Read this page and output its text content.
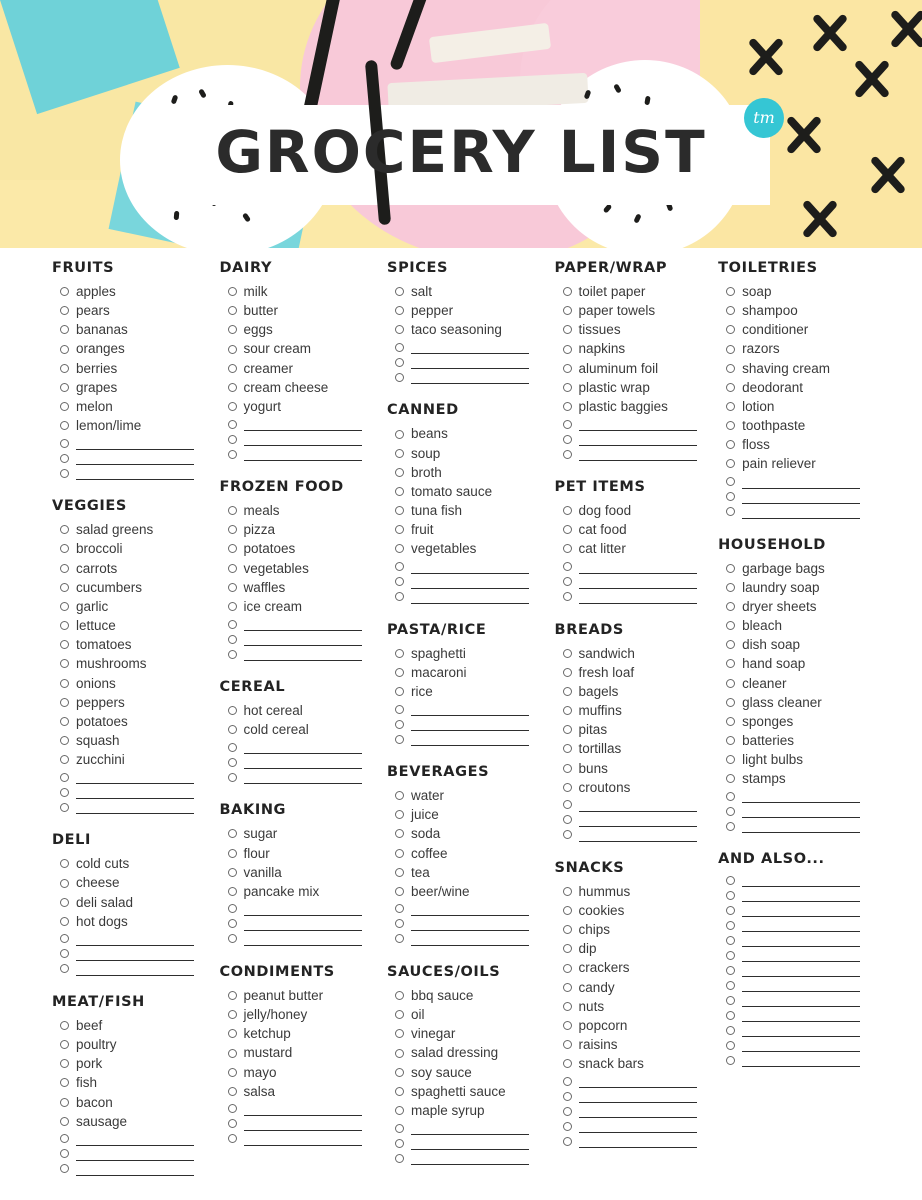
GROCERY LIST
tm
FRUITS
apples
pears
bananas
oranges
berries
grapes
melon
lemon/lime
VEGGIES
salad greens
broccoli
carrots
cucumbers
garlic
lettuce
tomatoes
mushrooms
onions
peppers
potatoes
squash
zucchini
DELI
cold cuts
cheese
deli salad
hot dogs
MEAT/FISH
beef
poultry
pork
fish
bacon
sausage
DAIRY
milk
butter
eggs
sour cream
creamer
cream cheese
yogurt
FROZEN FOOD
meals
pizza
potatoes
vegetables
waffles
ice cream
CEREAL
hot cereal
cold cereal
BAKING
sugar
flour
vanilla
pancake mix
CONDIMENTS
peanut butter
jelly/honey
ketchup
mustard
mayo
salsa
SPICES
salt
pepper
taco seasoning
CANNED
beans
soup
broth
tomato sauce
tuna fish
fruit
vegetables
PASTA/RICE
spaghetti
macaroni
rice
BEVERAGES
water
juice
soda
coffee
tea
beer/wine
SAUCES/OILS
bbq sauce
oil
vinegar
salad dressing
soy sauce
spaghetti sauce
maple syrup
PAPER/WRAP
toilet paper
paper towels
tissues
napkins
aluminum foil
plastic wrap
plastic baggies
PET ITEMS
dog food
cat food
cat litter
BREADS
sandwich
fresh loaf
bagels
muffins
pitas
tortillas
buns
croutons
SNACKS
hummus
cookies
chips
dip
crackers
candy
nuts
popcorn
raisins
snack bars
TOILETRIES
soap
shampoo
conditioner
razors
shaving cream
deodorant
lotion
toothpaste
floss
pain reliever
HOUSEHOLD
garbage bags
laundry soap
dryer sheets
bleach
dish soap
hand soap
cleaner
glass cleaner
sponges
batteries
light bulbs
stamps
AND ALSO...
